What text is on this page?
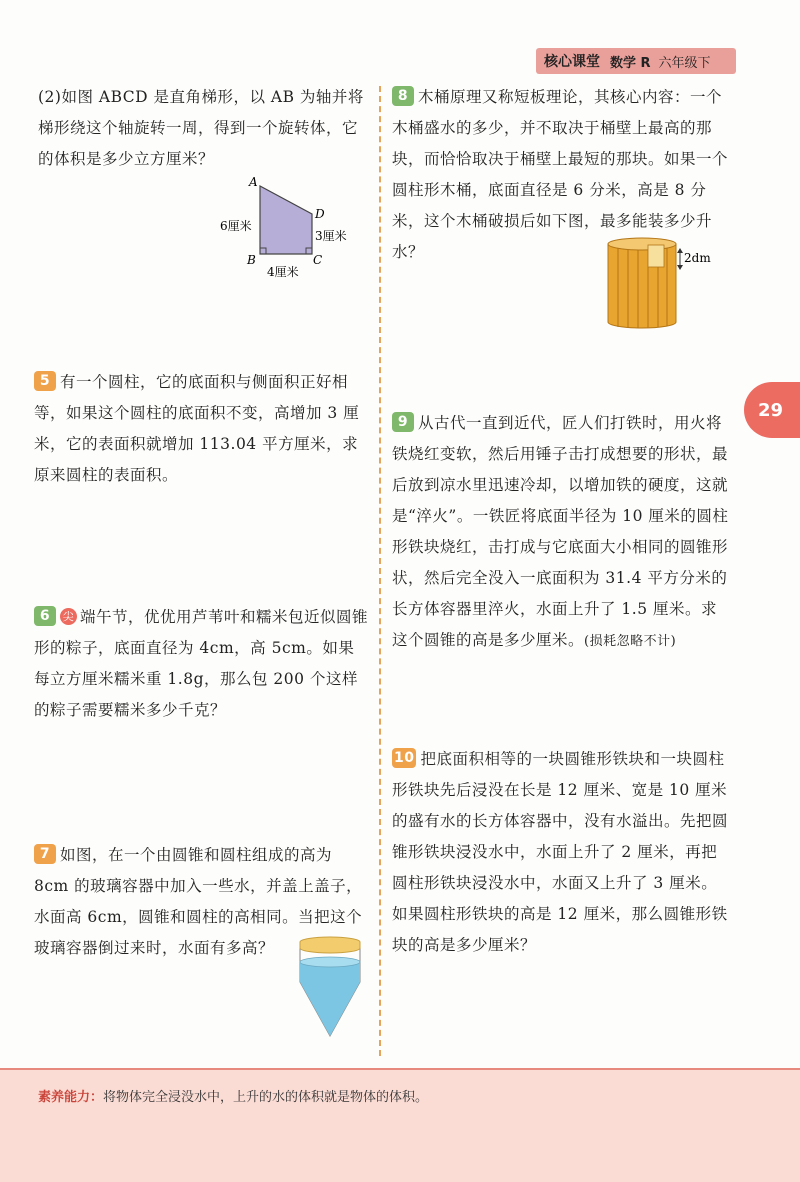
核心课堂 数学 R 六年级下
29
(2)如图 ABCD 是直角梯形，以 AB 为轴并将梯形绕这个轴旋转一周，得到一个旋转体，它的体积是多少立方厘米？
A
D
B	C
6厘米
3厘米
4厘米
5 有一个圆柱，它的底面积与侧面积正好相等，如果这个圆柱的底面积不变，高增加 3 厘米，它的表面积就增加 113.04 平方厘米，求原来圆柱的表面积。
6 尖 端午节，优优用芦苇叶和糯米包近似圆锥形的粽子，底面直径为 4cm，高 5cm。如果每立方厘米糯米重 1.8g，那么包 200 个这样的粽子需要糯米多少千克？
7 如图，在一个由圆锥和圆柱组成的高为 8cm 的玻璃容器中加入一些水，并盖上盖子，水面高 6cm，圆锥和圆柱的高相同。当把这个玻璃容器倒过来时，水面有多高？
8 木桶原理又称短板理论，其核心内容：一个木桶盛水的多少，并不取决于桶壁上最高的那块，而恰恰取决于桶壁上最短的那块。如果一个圆柱形木桶，底面直径是 6 分米，高是 8 分米，这个木桶破损后如下图，最多能装多少升水？	2dm
9 从古代一直到近代，匠人们打铁时，用火将铁烧红变软，然后用锤子击打成想要的形状，最后放到凉水里迅速冷却，以增加铁的硬度，这就是“淬火”。一铁匠将底面半径为 10 厘米的圆柱形铁块烧红，击打成与它底面大小相同的圆锥形状，然后完全没入一底面积为 31.4 平方分米的长方体容器里淬火，水面上升了 1.5 厘米。求这个圆锥的高是多少厘米。(损耗忽略不计)
10 把底面积相等的一块圆锥形铁块和一块圆柱形铁块先后浸没在长是 12 厘米、宽是 10 厘米的盛有水的长方体容器中，没有水溢出。先把圆锥形铁块浸没水中，水面上升了 2 厘米，再把圆柱形铁块浸没水中，水面又上升了 3 厘米。如果圆柱形铁块的高是 12 厘米，那么圆锥形铁块的高是多少厘米？
素养能力：将物体完全浸没水中，上升的水的体积就是物体的体积。
